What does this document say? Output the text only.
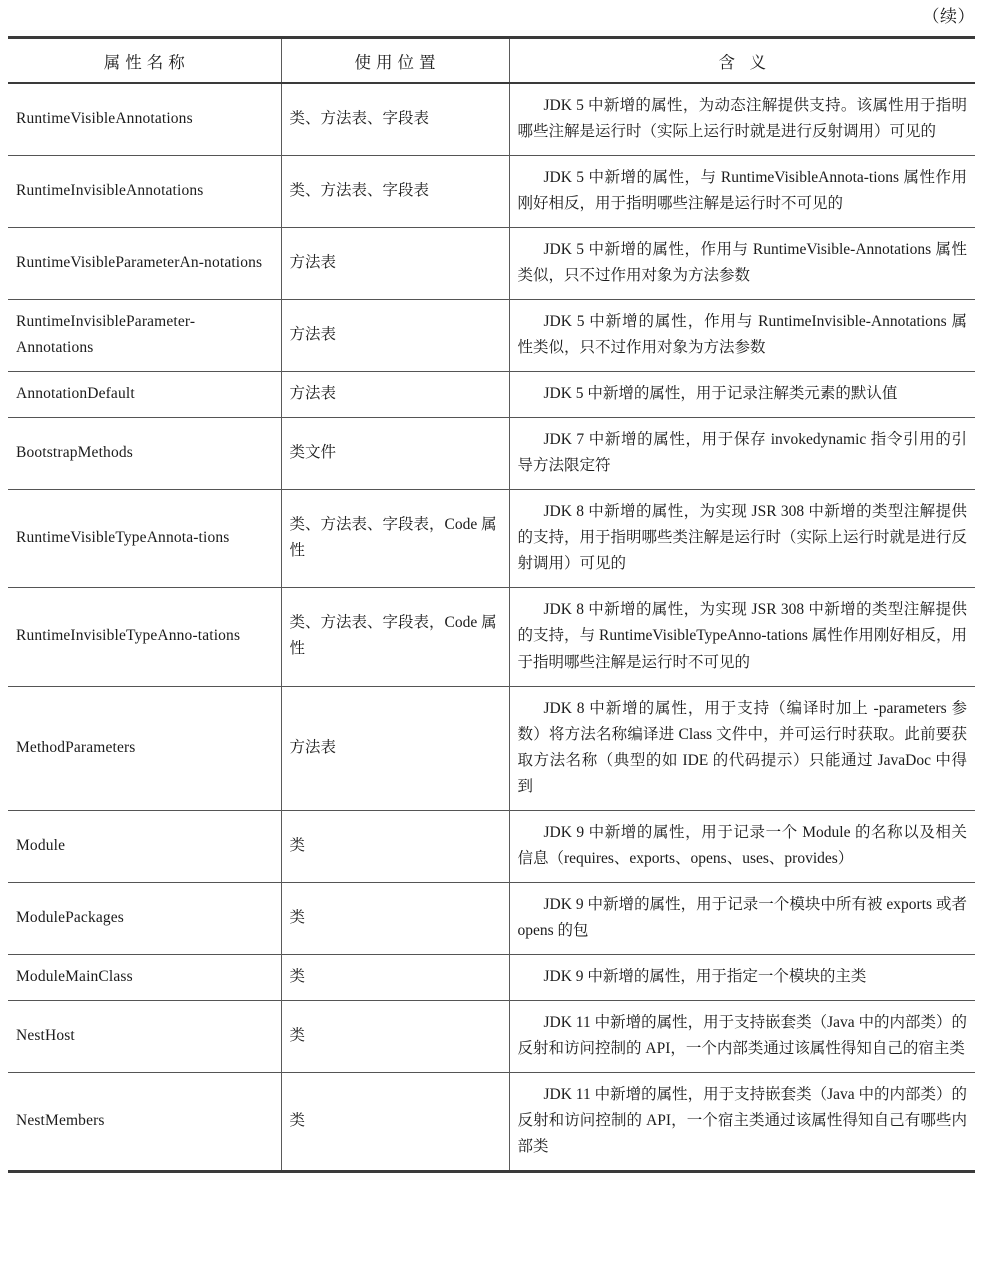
（续）
属性名称	使用位置	含 义
RuntimeVisibleAnnotations	类、方法表、字段表	JDK 5 中新增的属性，为动态注解提供支持。该属性用于指明哪些注解是运行时（实际上运行时就是进行反射调用）可见的
RuntimeInvisibleAnnotations	类、方法表、字段表	JDK 5 中新增的属性，与 RuntimeVisibleAnnota-tions 属性作用刚好相反，用于指明哪些注解是运行时不可见的
RuntimeVisibleParameterAn-notations	方法表	JDK 5 中新增的属性，作用与 RuntimeVisible-Annotations 属性类似，只不过作用对象为方法参数
RuntimeInvisibleParameter-Annotations	方法表	JDK 5 中新增的属性，作用与 RuntimeInvisible-Annotations 属性类似，只不过作用对象为方法参数
AnnotationDefault	方法表	JDK 5 中新增的属性，用于记录注解类元素的默认值
BootstrapMethods	类文件	JDK 7 中新增的属性，用于保存 invokedynamic 指令引用的引导方法限定符
RuntimeVisibleTypeAnnota-tions	类、方法表、字段表，Code 属性	JDK 8 中新增的属性，为实现 JSR 308 中新增的类型注解提供的支持，用于指明哪些类注解是运行时（实际上运行时就是进行反射调用）可见的
RuntimeInvisibleTypeAnno-tations	类、方法表、字段表，Code 属性	JDK 8 中新增的属性，为实现 JSR 308 中新增的类型注解提供的支持，与 RuntimeVisibleTypeAnno-tations 属性作用刚好相反，用于指明哪些注解是运行时不可见的
MethodParameters	方法表	JDK 8 中新增的属性，用于支持（编译时加上 -parameters 参数）将方法名称编译进 Class 文件中，并可运行时获取。此前要获取方法名称（典型的如 IDE 的代码提示）只能通过 JavaDoc 中得到
Module	类	JDK 9 中新增的属性，用于记录一个 Module 的名称以及相关信息（requires、exports、opens、uses、provides）
ModulePackages	类	JDK 9 中新增的属性，用于记录一个模块中所有被 exports 或者 opens 的包
ModuleMainClass	类	JDK 9 中新增的属性，用于指定一个模块的主类
NestHost	类	JDK 11 中新增的属性，用于支持嵌套类（Java 中的内部类）的反射和访问控制的 API，一个内部类通过该属性得知自己的宿主类
NestMembers	类	JDK 11 中新增的属性，用于支持嵌套类（Java 中的内部类）的反射和访问控制的 API，一个宿主类通过该属性得知自己有哪些内部类
